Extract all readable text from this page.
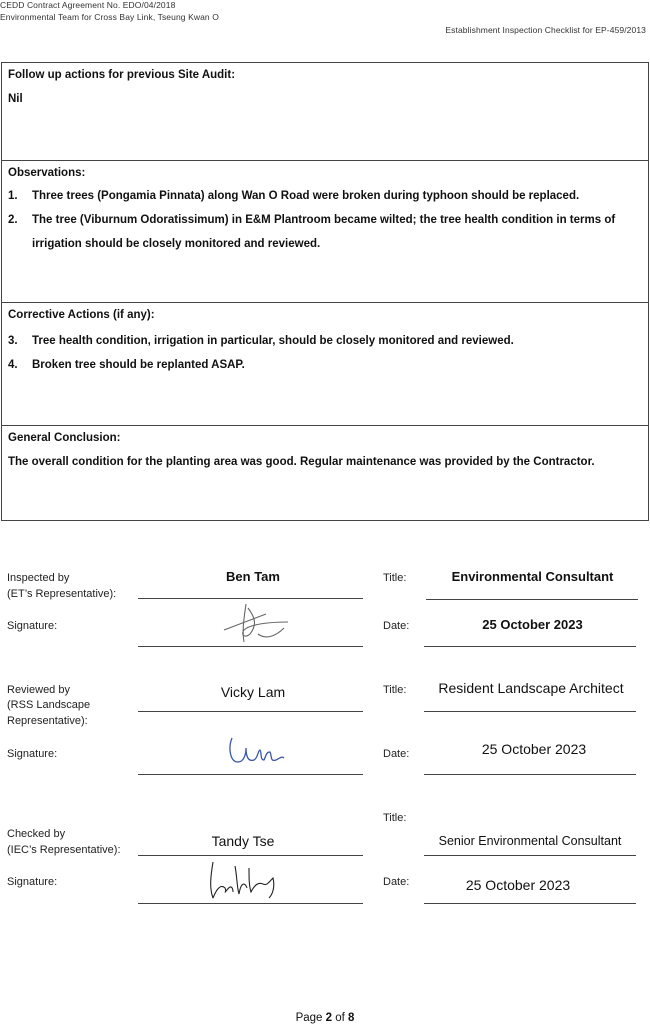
CEDD Contract Agreement No. EDO/04/2018
Environmental Team for Cross Bay Link, Tseung Kwan O
Establishment Inspection Checklist for EP-459/2013
Follow up actions for previous Site Audit:
Nil
Observations:
1.	Three trees (Pongamia Pinnata) along Wan O Road were broken during typhoon should be replaced.
2.	The tree (Viburnum Odoratissimum) in E&M Plantroom became wilted; the tree health condition in terms of irrigation should be closely monitored and reviewed.
Corrective Actions (if any):
3.	Tree health condition, irrigation in particular, should be closely monitored and reviewed.
4.	Broken tree should be replanted ASAP.
General Conclusion:
The overall condition for the planting area was good. Regular maintenance was provided by the Contractor.
Inspected by
(ET’s Representative):
Ben Tam	Title:	Environmental Consultant
Signature:	Date:	25 October 2023
Reviewed by
(RSS Landscape
Representative):
Vicky Lam	Title:	Resident Landscape Architect
Signature:	Date:	25 October 2023
Title:
Checked by
(IEC’s Representative):
Tandy Tse	Senior Environmental Consultant
Signature:	Date:	25 October 2023
Page 2 of 8
